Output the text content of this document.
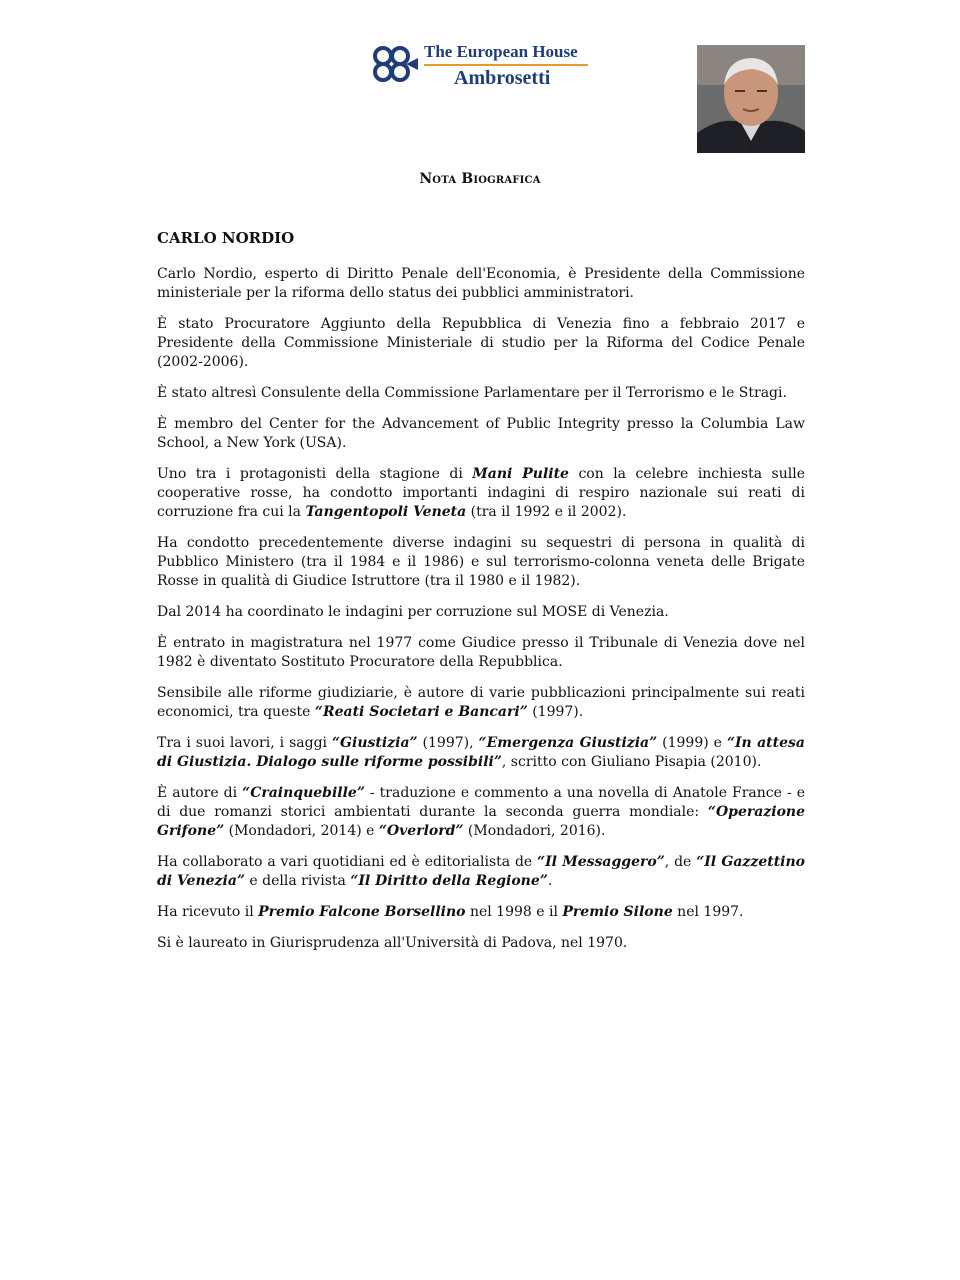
The European House
Ambrosetti
Nota Biografica
CARLO NORDIO

Carlo Nordio, esperto di Diritto Penale dell'Economia, è Presidente della Commissione ministeriale per la riforma dello status dei pubblici amministratori.

È stato Procuratore Aggiunto della Repubblica di Venezia fino a febbraio 2017 e Presidente della Commissione Ministeriale di studio per la Riforma del Codice Penale (2002-2006).

È stato altresì Consulente della Commissione Parlamentare per il Terrorismo e le Stragi.

È membro del Center for the Advancement of Public Integrity presso la Columbia Law School, a New York (USA).

Uno tra i protagonisti della stagione di Mani Pulite con la celebre inchiesta sulle cooperative rosse, ha condotto importanti indagini di respiro nazionale sui reati di corruzione fra cui la Tangentopoli Veneta (tra il 1992 e il 2002).

Ha condotto precedentemente diverse indagini su sequestri di persona in qualità di Pubblico Ministero (tra il 1984 e il 1986) e sul terrorismo-colonna veneta delle Brigate Rosse in qualità di Giudice Istruttore (tra il 1980 e il 1982).

Dal 2014 ha coordinato le indagini per corruzione sul MOSE di Venezia.

È entrato in magistratura nel 1977 come Giudice presso il Tribunale di Venezia dove nel 1982 è diventato Sostituto Procuratore della Repubblica.

Sensibile alle riforme giudiziarie, è autore di varie pubblicazioni principalmente sui reati economici, tra queste “Reati Societari e Bancari” (1997).

Tra i suoi lavori, i saggi “Giustizia” (1997), “Emergenza Giustizia” (1999) e “In attesa di Giustizia. Dialogo sulle riforme possibili”, scritto con Giuliano Pisapia (2010).

È autore di “Crainquebille” - traduzione e commento a una novella di Anatole France - e di due romanzi storici ambientati durante la seconda guerra mondiale: “Operazione Grifone” (Mondadori, 2014) e “Overlord” (Mondadori, 2016).

Ha collaborato a vari quotidiani ed è editorialista de “Il Messaggero”, de “Il Gazzettino di Venezia” e della rivista “Il Diritto della Regione”.

Ha ricevuto il Premio Falcone Borsellino nel 1998 e il Premio Silone nel 1997.

Si è laureato in Giurisprudenza all'Università di Padova, nel 1970.
